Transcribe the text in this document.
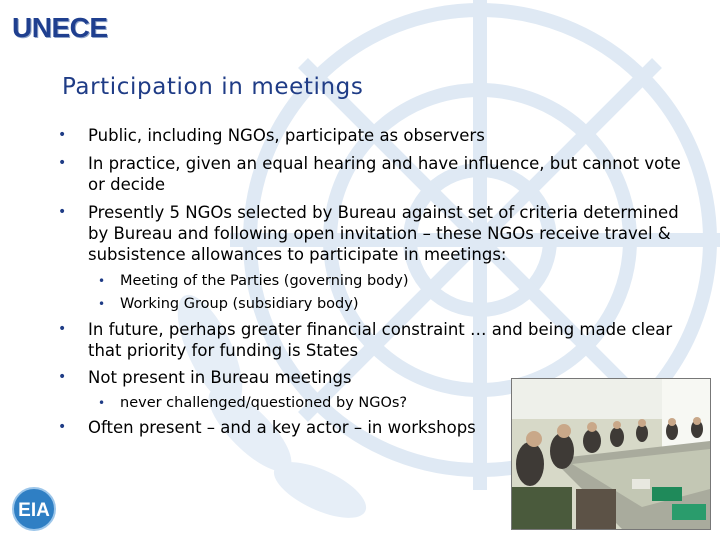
UNECE
Participation in meetings
• Public, including NGOs, participate as observers
• In practice, given an equal hearing and have influence, but cannot vote or decide
• Presently 5 NGOs selected by Bureau against set of criteria determined by Bureau and following open invitation – these NGOs receive travel & subsistence allowances to participate in meetings:
• Meeting of the Parties (governing body)
• Working Group (subsidiary body)
• In future, perhaps greater financial constraint … and being made clear that priority for funding is States
• Not present in Bureau meetings
• never challenged/questioned by NGOs?
• Often present – and a key actor – in workshops
EIA
